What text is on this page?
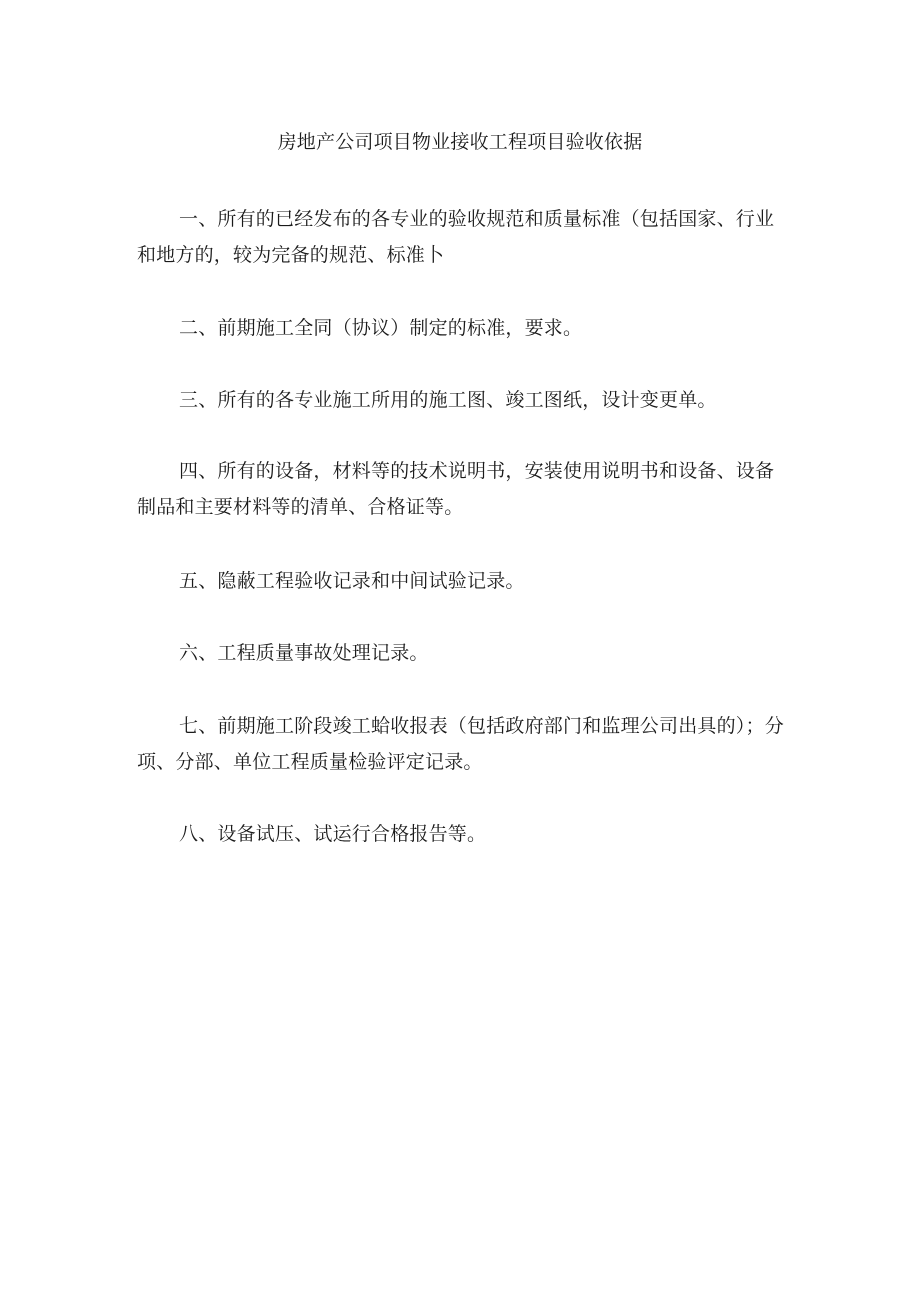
房地产公司项目物业接收工程项目验收依据

一、所有的已经发布的各专业的验收规范和质量标准（包括国家、行业和地方的，较为完备的规范、标准卜

二、前期施工全同（协议）制定的标准，要求。

三、所有的各专业施工所用的施工图、竣工图纸，设计变更单。

四、所有的设备，材料等的技术说明书，安装使用说明书和设备、设备制品和主要材料等的清单、合格证等。

五、隐蔽工程验收记录和中间试验记录。

六、工程质量事故处理记录。

七、前期施工阶段竣工蛤收报表（包括政府部门和监理公司出具的）；分项、分部、单位工程质量检验评定记录。

八、设备试压、试运行合格报告等。
